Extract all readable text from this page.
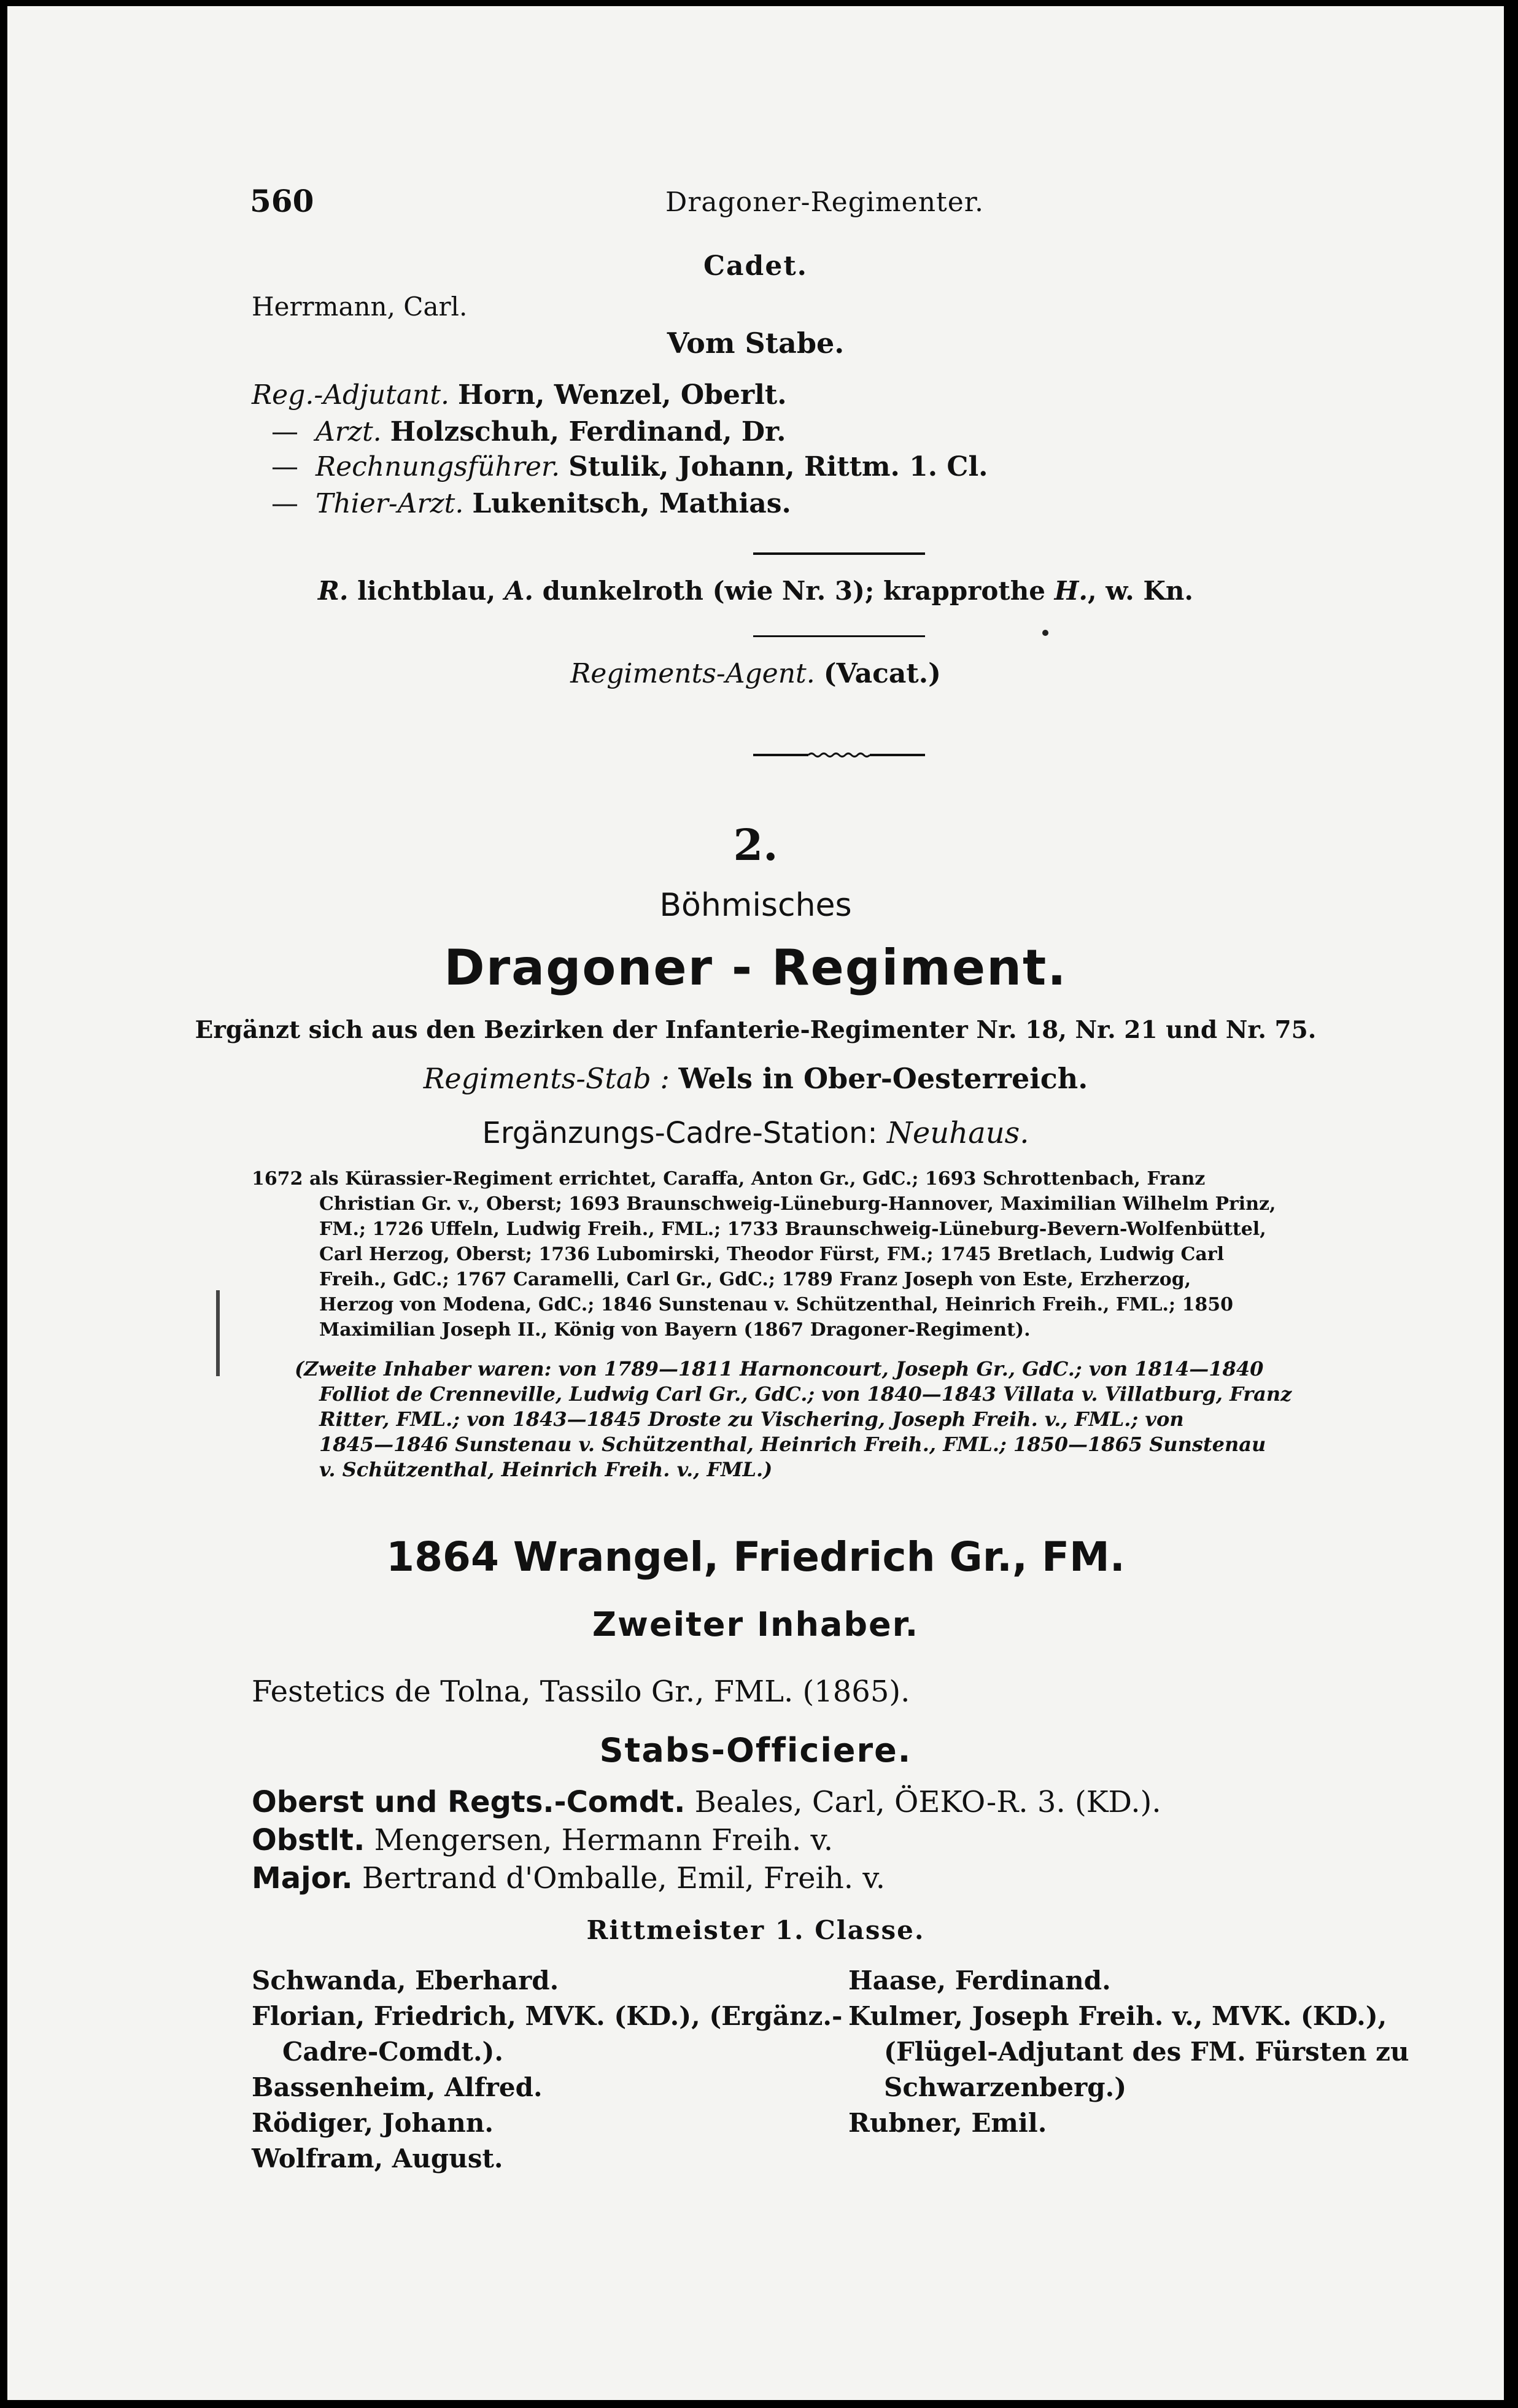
560	Dragoner-Regimenter.
Cadet.
Herrmann, Carl.
Vom Stabe.
Reg.-Adjutant. Horn, Wenzel, Oberlt.
— Arzt. Holzschuh, Ferdinand, Dr.
— Rechnungsführer. Stulik, Johann, Rittm. 1. Cl.
— Thier-Arzt. Lukenitsch, Mathias.
R. lichtblau, A. dunkelroth (wie Nr. 3); krapprothe H., w. Kn.
Regiments-Agent. (Vacat.)
2.
Böhmisches
Dragoner - Regiment.
Ergänzt sich aus den Bezirken der Infanterie-Regimenter Nr. 18, Nr. 21 und Nr. 75.
Regiments-Stab : Wels in Ober-Oesterreich.
Ergänzungs-Cadre-Station: Neuhaus.
1672 als Kürassier-Regiment errichtet, Caraffa, Anton Gr., GdC.; 1693 Schrottenbach, Franz
Christian Gr. v., Oberst; 1693 Braunschweig-Lüneburg-Hannover, Maximilian Wilhelm Prinz,
FM.; 1726 Uffeln, Ludwig Freih., FML.; 1733 Braunschweig-Lüneburg-Bevern-Wolfenbüttel,
Carl Herzog, Oberst; 1736 Lubomirski, Theodor Fürst, FM.; 1745 Bretlach, Ludwig Carl
Freih., GdC.; 1767 Caramelli, Carl Gr., GdC.; 1789 Franz Joseph von Este, Erzherzog,
Herzog von Modena, GdC.; 1846 Sunstenau v. Schützenthal, Heinrich Freih., FML.; 1850
Maximilian Joseph II., König von Bayern (1867 Dragoner-Regiment).
(Zweite Inhaber waren: von 1789—1811 Harnoncourt, Joseph Gr., GdC.; von 1814—1840
Folliot de Crenneville, Ludwig Carl Gr., GdC.; von 1840—1843 Villata v. Villatburg, Franz
Ritter, FML.; von 1843—1845 Droste zu Vischering, Joseph Freih. v., FML.; von
1845—1846 Sunstenau v. Schützenthal, Heinrich Freih., FML.; 1850—1865 Sunstenau
v. Schützenthal, Heinrich Freih. v., FML.)
1864 Wrangel, Friedrich Gr., FM.
Zweiter Inhaber.
Festetics de Tolna, Tassilo Gr., FML. (1865).
Stabs-Officiere.
Oberst und Regts.-Comdt. Beales, Carl, ÖEKO-R. 3. (KD.).
Obstlt. Mengersen, Hermann Freih. v.
Major. Bertrand d'Omballe, Emil, Freih. v.
Rittmeister 1. Classe.
Schwanda, Eberhard.
Florian, Friedrich, MVK. (KD.), (Ergänz.-
Cadre-Comdt.).
Bassenheim, Alfred.
Rödiger, Johann.
Wolfram, August.
Haase, Ferdinand.
Kulmer, Joseph Freih. v., MVK. (KD.),
(Flügel-Adjutant des FM. Fürsten zu
Schwarzenberg.)
Rubner, Emil.
